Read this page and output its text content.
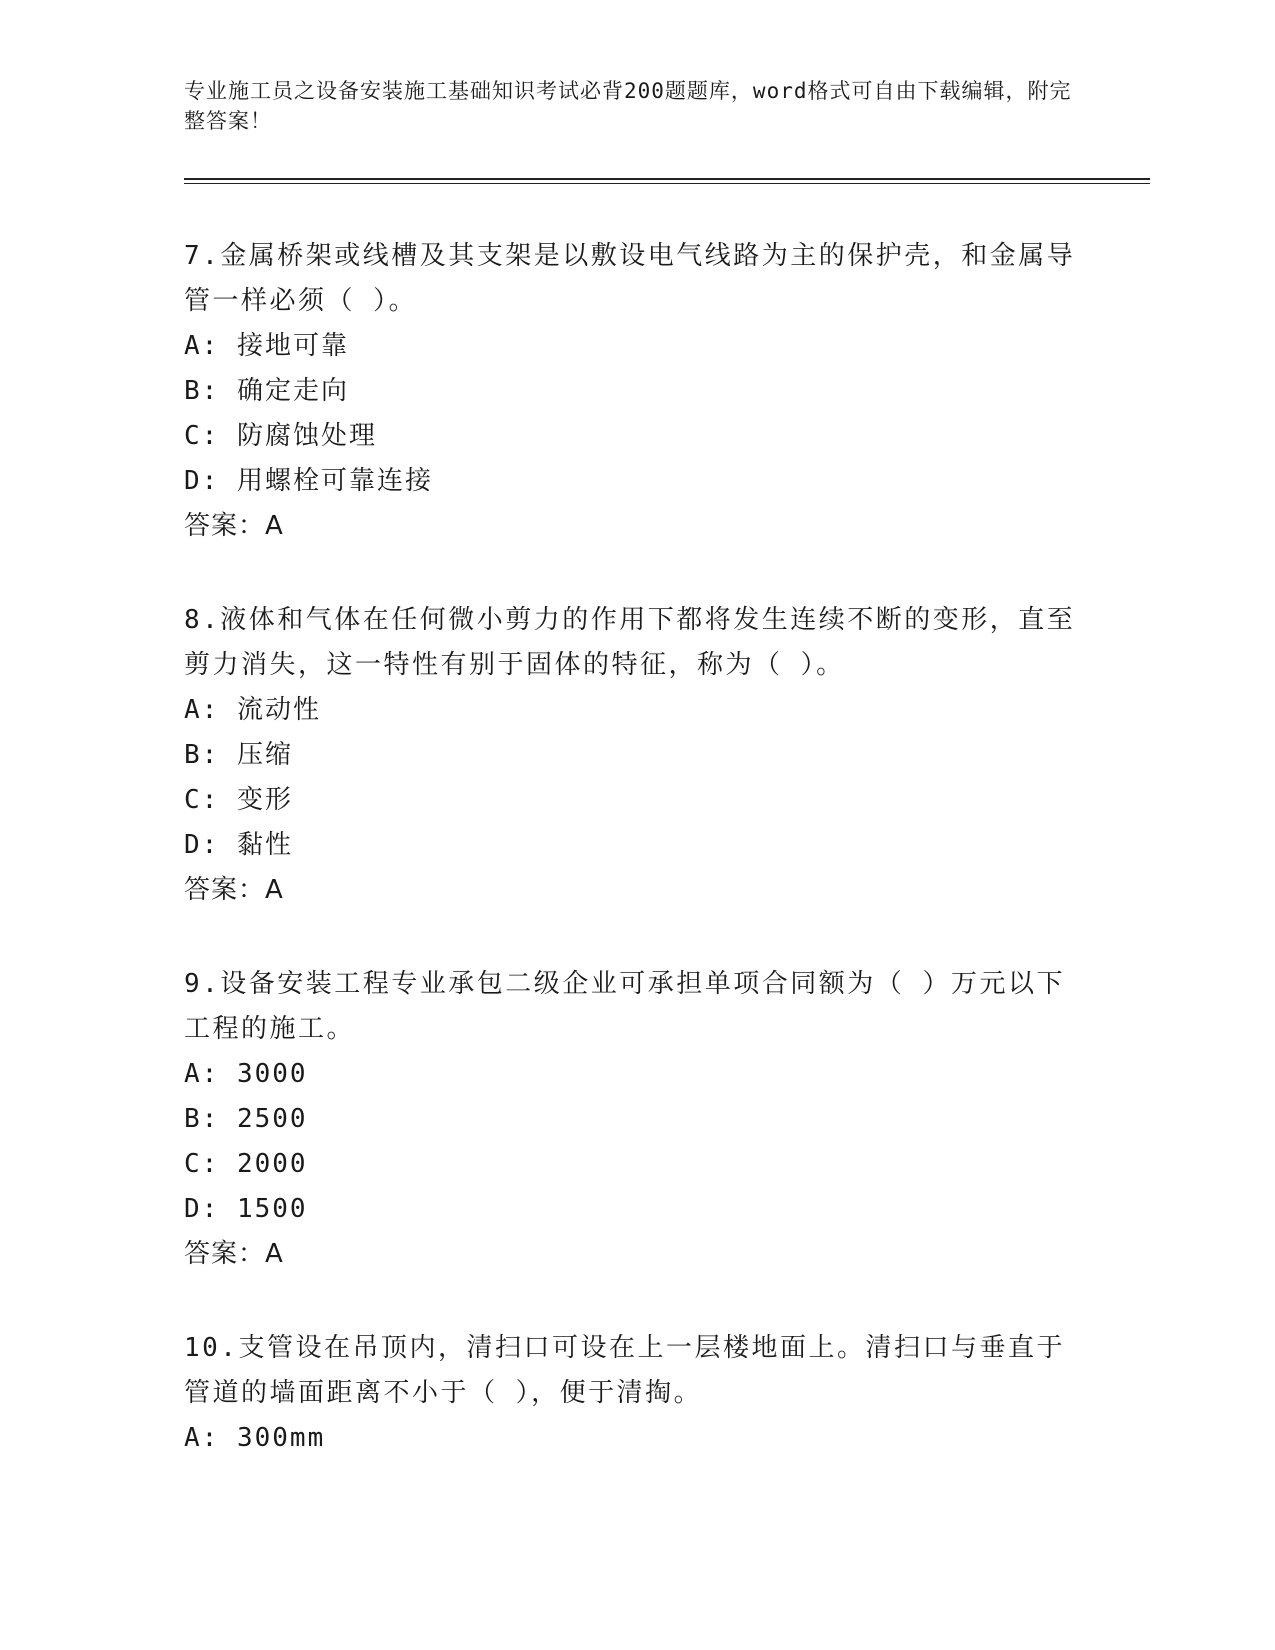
专业施工员之设备安装施工基础知识考试必背200题题库，word格式可自由下载编辑，附完整答案！

7.金属桥架或线槽及其支架是以敷设电气线路为主的保护壳，和金属导管一样必须（ ）。

A: 接地可靠

B: 确定走向

C: 防腐蚀处理

D: 用螺栓可靠连接

答案：A

8.液体和气体在任何微小剪力的作用下都将发生连续不断的变形，直至剪力消失，这一特性有别于固体的特征，称为（ ）。

A: 流动性

B: 压缩

C: 变形

D: 黏性

答案：A

9.设备安装工程专业承包二级企业可承担单项合同额为（ ）万元以下工程的施工。

A: 3000

B: 2500

C: 2000

D: 1500

答案：A

10.支管设在吊顶内，清扫口可设在上一层楼地面上。清扫口与垂直于管道的墙面距离不小于（ ），便于清掏。

A: 300mm
